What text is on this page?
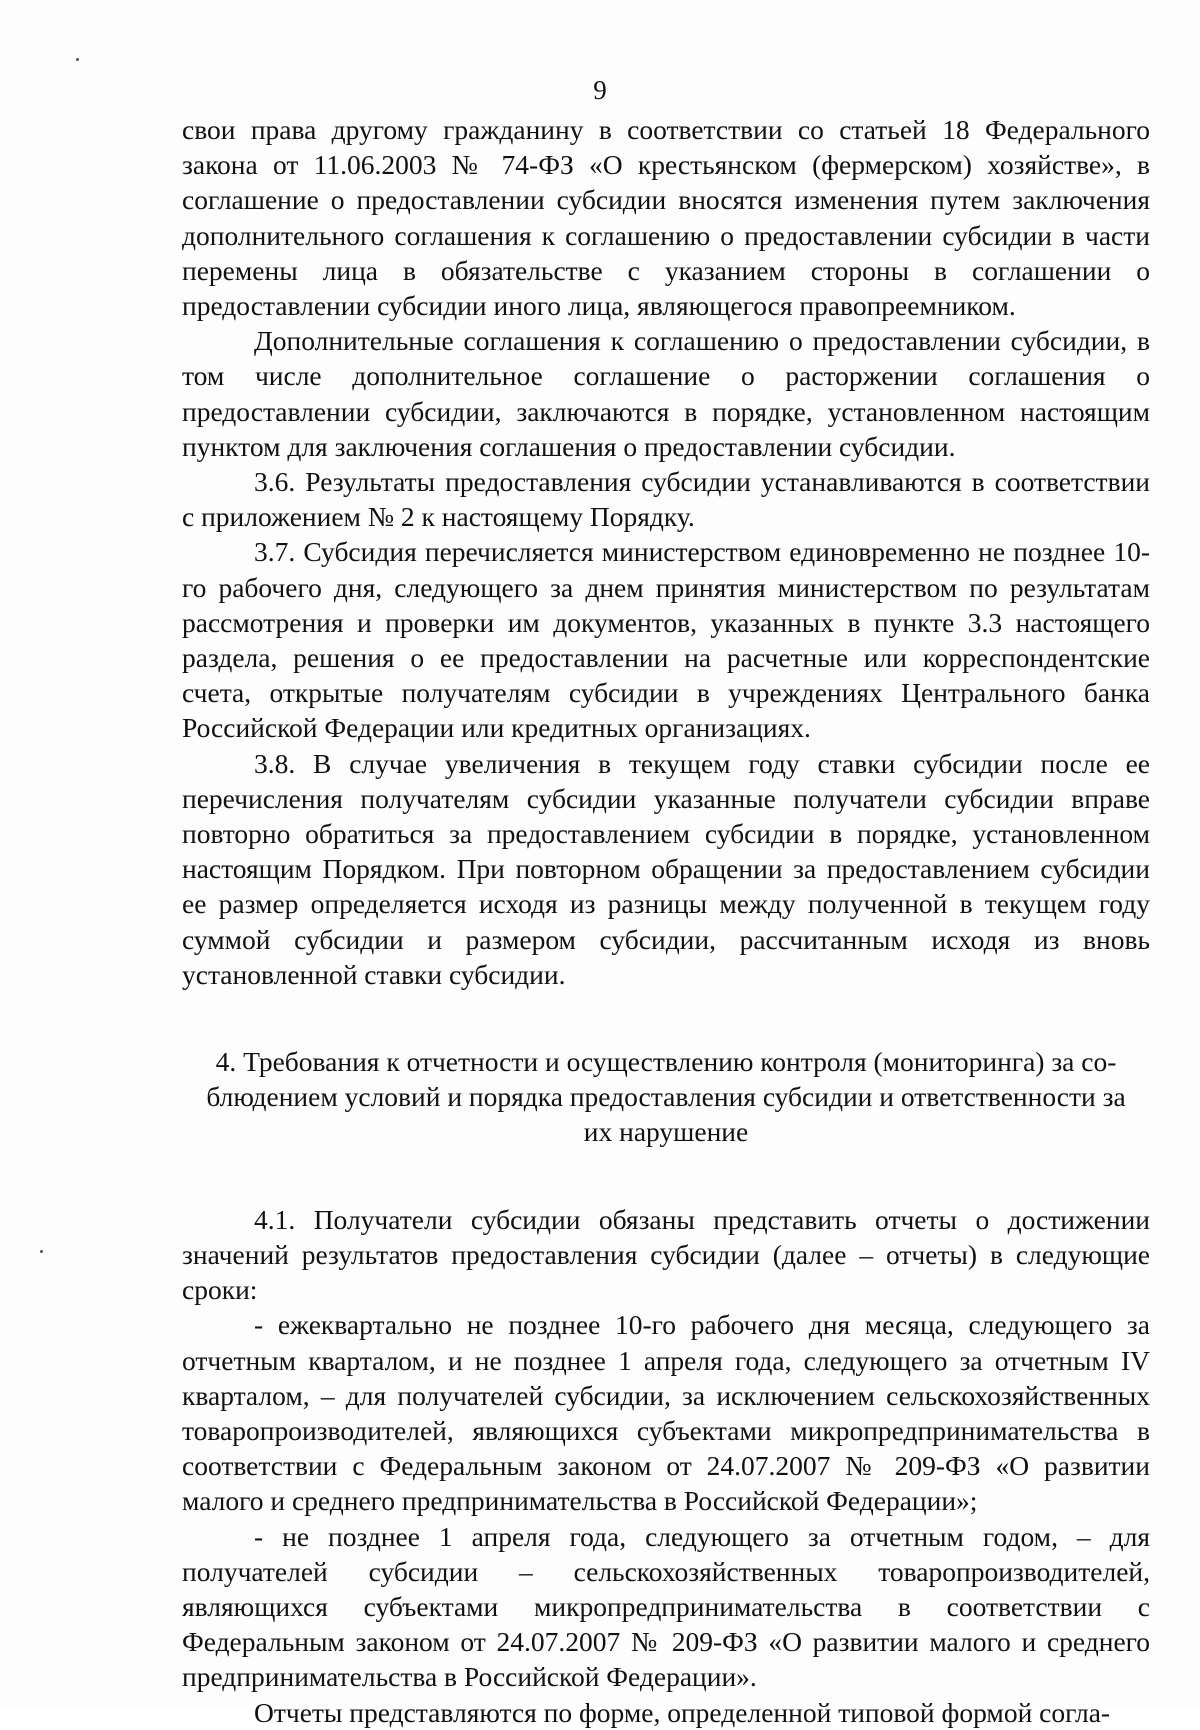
9

свои права другому гражданину в соответствии со статьей 18 Федерального закона от 11.06.2003 № 74-ФЗ «О крестьянском (фермерском) хозяйстве», в соглашение о предоставлении субсидии вносятся изменения путем заключения дополнительного соглашения к соглашению о предоставлении субсидии в части перемены лица в обязательстве с указанием стороны в соглашении о предоставлении субсидии иного лица, являющегося правопреемником.

Дополнительные соглашения к соглашению о предоставлении субсидии, в том числе дополнительное соглашение о расторжении соглашения о предоставлении субсидии, заключаются в порядке, установленном настоящим пунктом для заключения соглашения о предоставлении субсидии.

3.6. Результаты предоставления субсидии устанавливаются в соответствии с приложением № 2 к настоящему Порядку.

3.7. Субсидия перечисляется министерством единовременно не позднее 10-го рабочего дня, следующего за днем принятия министерством по результатам рассмотрения и проверки им документов, указанных в пункте 3.3 настоящего раздела, решения о ее предоставлении на расчетные или корреспондентские счета, открытые получателям субсидии в учреждениях Центрального банка Российской Федерации или кредитных организациях.

3.8. В случае увеличения в текущем году ставки субсидии после ее перечисления получателям субсидии указанные получатели субсидии вправе повторно обратиться за предоставлением субсидии в порядке, установленном настоящим Порядком. При повторном обращении за предоставлением субсидии ее размер определяется исходя из разницы между полученной в текущем году суммой субсидии и размером субсидии, рассчитанным исходя из вновь установленной ставки субсидии.

4. Требования к отчетности и осуществлению контроля (мониторинга) за со-
блюдением условий и порядка предоставления субсидии и ответственности за
их нарушение

4.1. Получатели субсидии обязаны представить отчеты о достижении значений результатов предоставления субсидии (далее – отчеты) в следующие сроки:

- ежеквартально не позднее 10-го рабочего дня месяца, следующего за отчетным кварталом, и не позднее 1 апреля года, следующего за отчетным IV кварталом, – для получателей субсидии, за исключением сельскохозяйственных товаропроизводителей, являющихся субъектами микропредпринимательства в соответствии с Федеральным законом от 24.07.2007 № 209-ФЗ «О развитии малого и среднего предпринимательства в Российской Федерации»;

- не позднее 1 апреля года, следующего за отчетным годом, – для получателей субсидии – сельскохозяйственных товаропроизводителей, являющихся субъектами микропредпринимательства в соответствии с Федеральным законом от 24.07.2007 № 209-ФЗ «О развитии малого и среднего предпринимательства в Российской Федерации».

Отчеты представляются по форме, определенной типовой формой согла-
